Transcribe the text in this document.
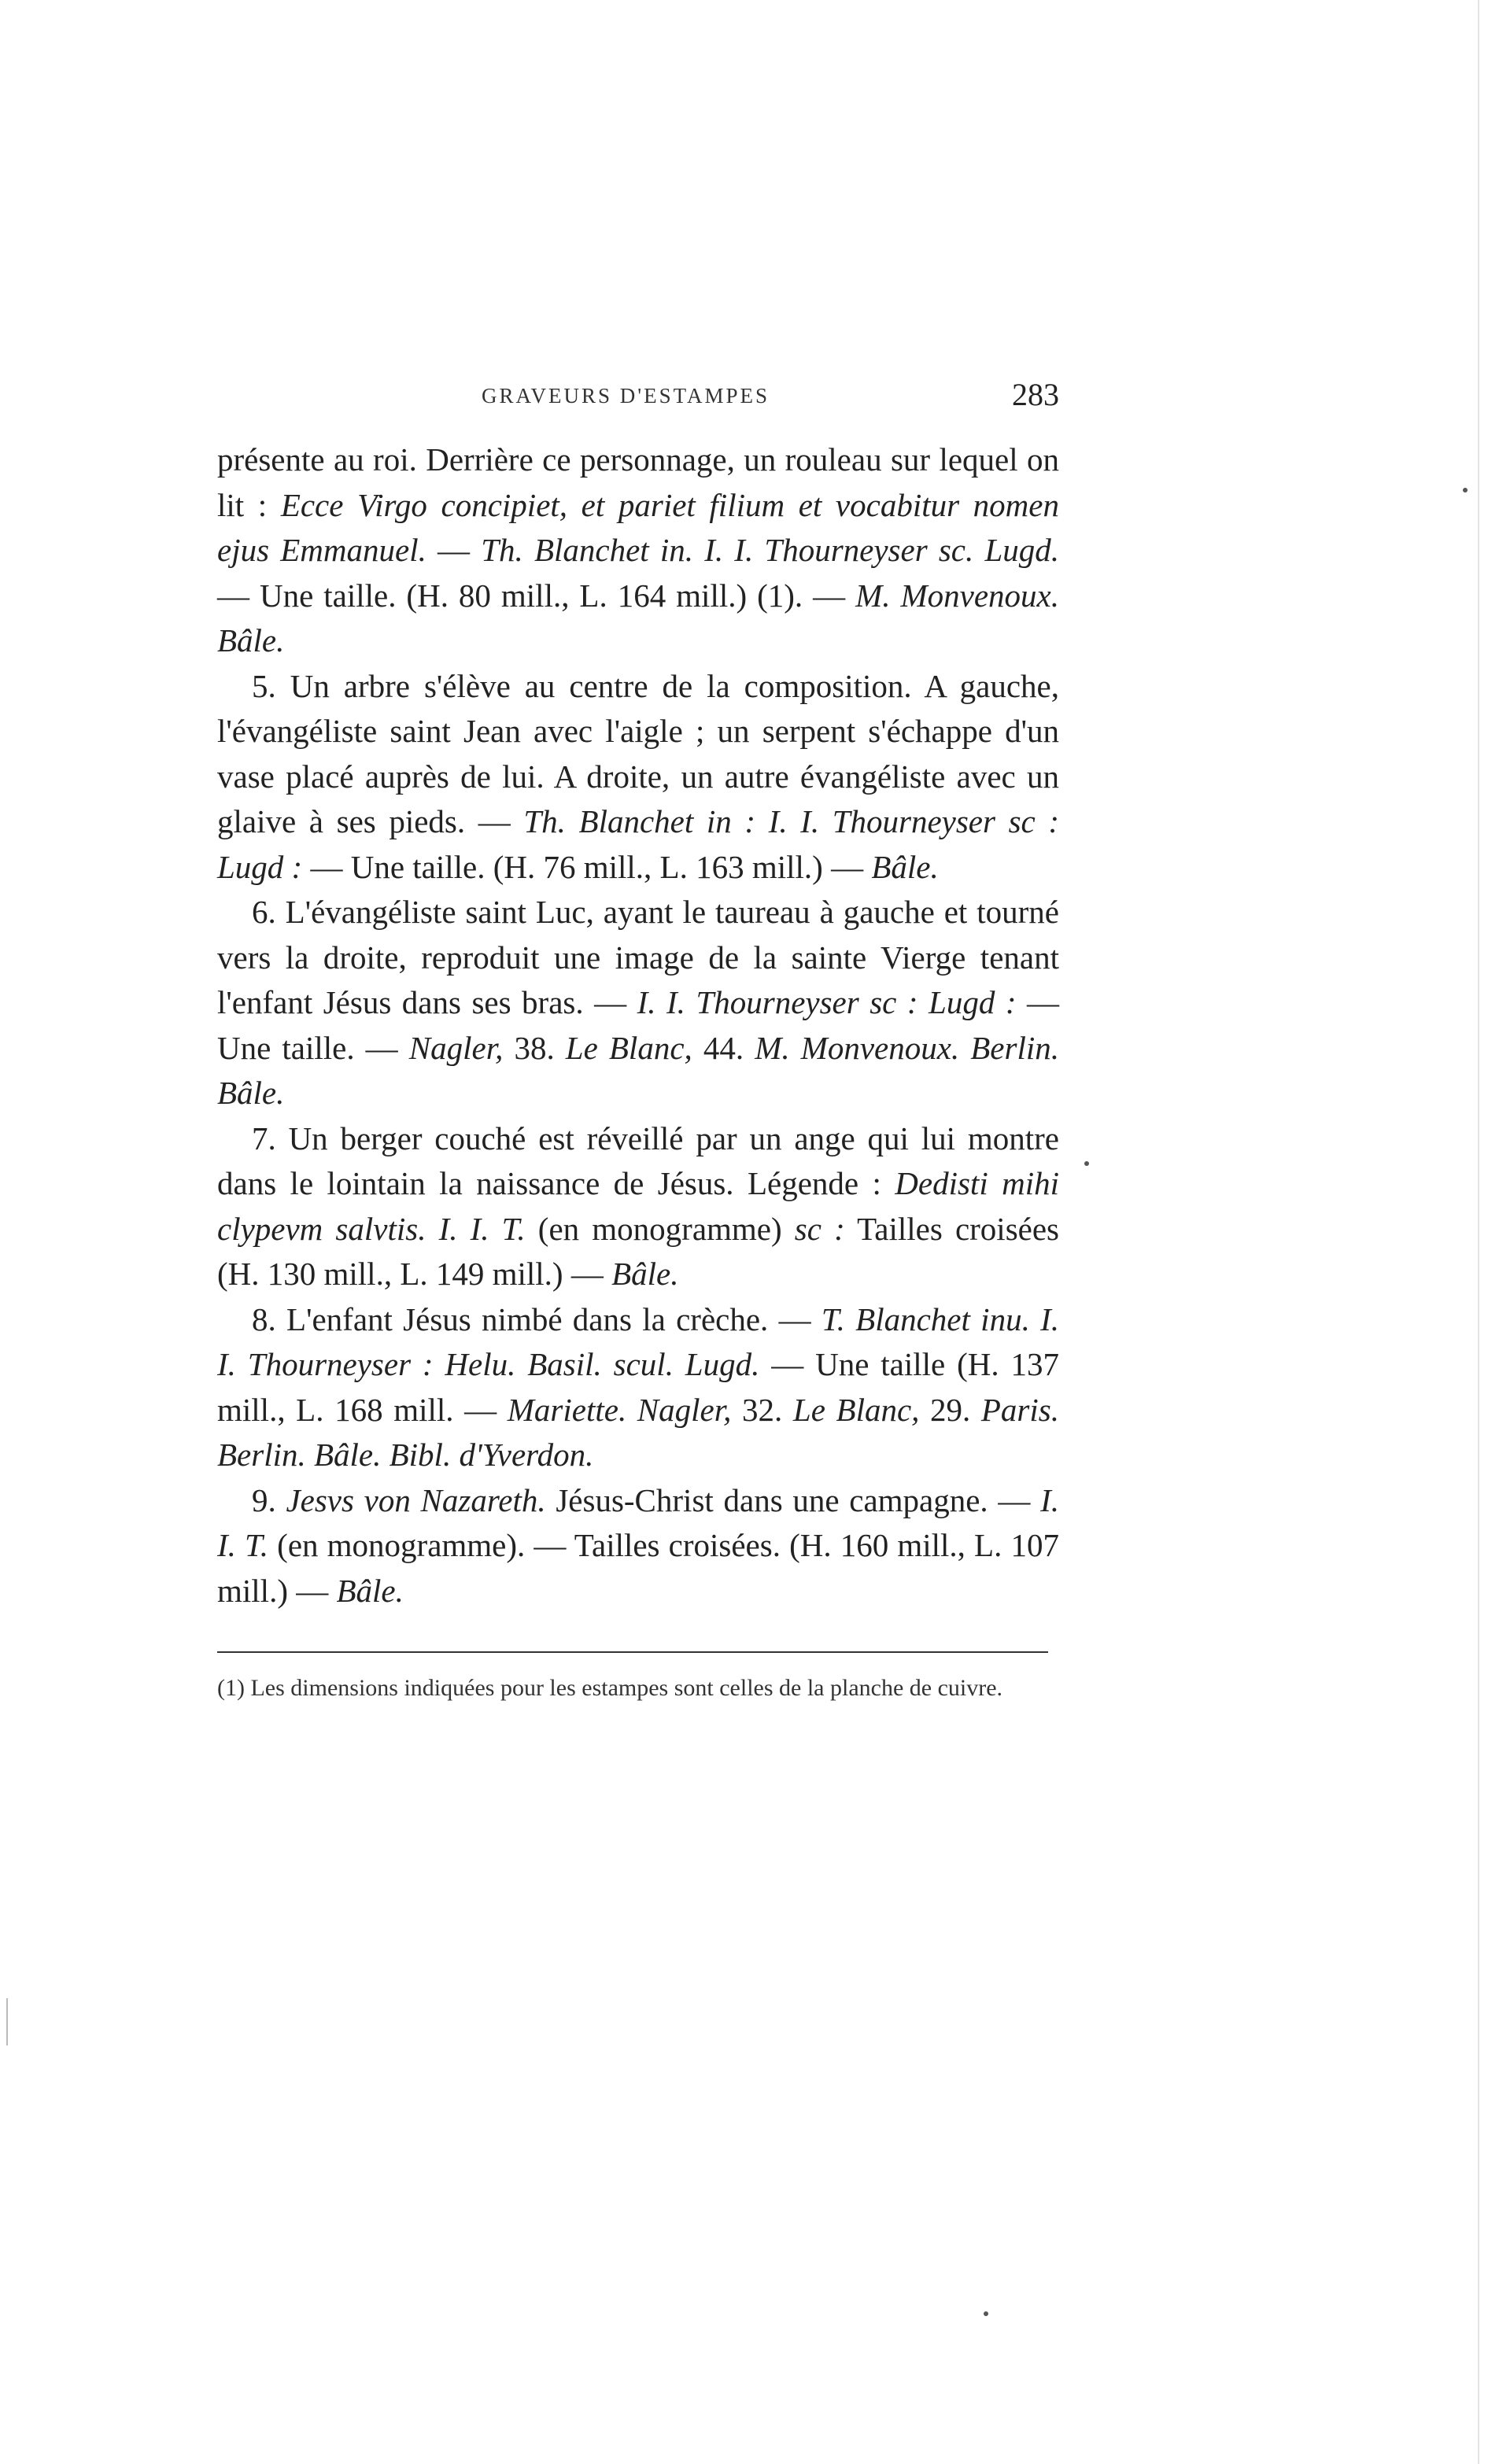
GRAVEURS D'ESTAMPES	283

présente au roi. Derrière ce personnage, un rouleau sur lequel on lit : Ecce Virgo concipiet, et pariet filium et vocabitur nomen ejus Emmanuel. — Th. Blanchet in. I. I. Thourneyser sc. Lugd. — Une taille. (H. 80 mill., L. 164 mill.) (1). — M. Monvenoux. Bâle.

5. Un arbre s'élève au centre de la composition. A gauche, l'évangéliste saint Jean avec l'aigle ; un serpent s'échappe d'un vase placé auprès de lui. A droite, un autre évangéliste avec un glaive à ses pieds. — Th. Blanchet in : I. I. Thourneyser sc : Lugd : — Une taille. (H. 76 mill., L. 163 mill.) — Bâle.

6. L'évangéliste saint Luc, ayant le taureau à gauche et tourné vers la droite, reproduit une image de la sainte Vierge tenant l'enfant Jésus dans ses bras. — I. I. Thourneyser sc : Lugd : — Une taille. — Nagler, 38. Le Blanc, 44. M. Monvenoux. Berlin. Bâle.

7. Un berger couché est réveillé par un ange qui lui montre dans le lointain la naissance de Jésus. Légende : Dedisti mihi clypevm salvtis. I. I. T. (en monogramme) sc : Tailles croisées (H. 130 mill., L. 149 mill.) — Bâle.

8. L'enfant Jésus nimbé dans la crèche. — T. Blanchet inu. I. I. Thourneyser : Helu. Basil. scul. Lugd. — Une taille (H. 137 mill., L. 168 mill. — Mariette. Nagler, 32. Le Blanc, 29. Paris. Berlin. Bâle. Bibl. d'Yverdon.

9. Jesvs von Nazareth. Jésus-Christ dans une campagne. — I. I. T. (en monogramme). — Tailles croisées. (H. 160 mill., L. 107 mill.) — Bâle.

(1) Les dimensions indiquées pour les estampes sont celles de la planche de cuivre.
